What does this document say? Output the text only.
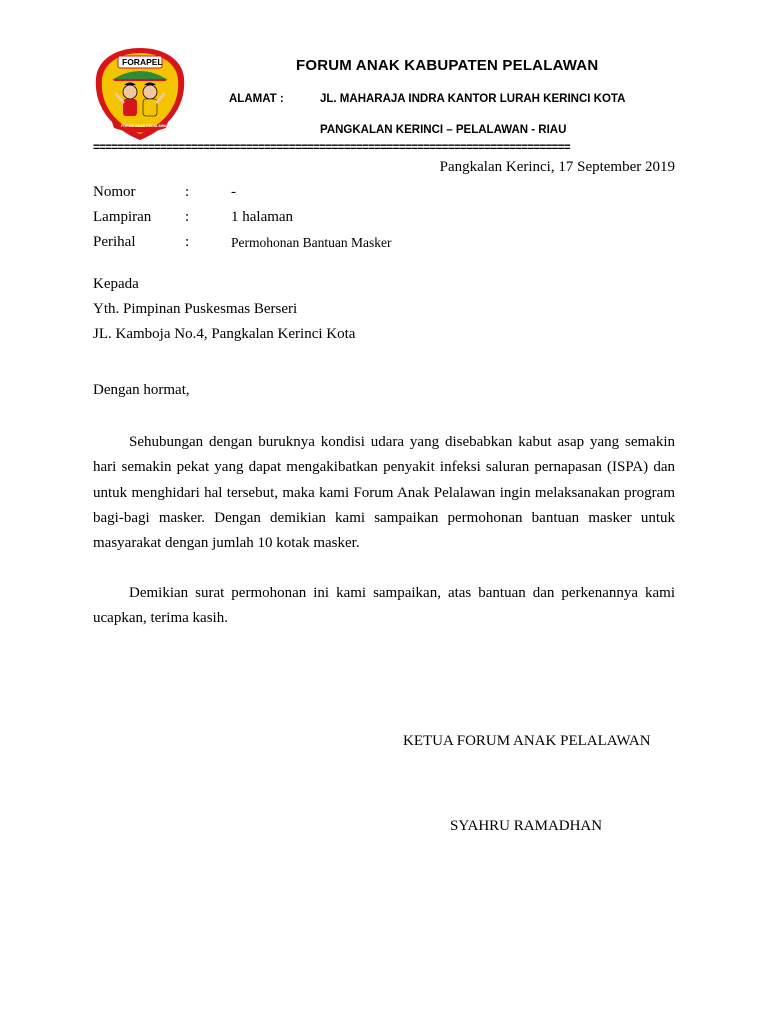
FORAPEL
FORUM ANAK PELALAWAN
FORUM ANAK KABUPATEN PELALAWAN
ALAMAT :	JL. MAHARAJA INDRA KANTOR LURAH KERINCI KOTA
PANGKALAN KERINCI – PELALAWAN - RIAU
==============================================================================
Pangkalan Kerinci, 17 September 2019
Nomor	:	-
Lampiran :	1 halaman
Perihal	:	Permohonan Bantuan Masker
Kepada
Yth. Pimpinan Puskesmas Berseri
JL. Kamboja No.4, Pangkalan Kerinci Kota
Dengan hormat,
Sehubungan dengan buruknya kondisi udara yang disebabkan kabut asap yang semakin hari semakin pekat yang dapat mengakibatkan penyakit infeksi saluran pernapasan (ISPA) dan untuk menghidari hal tersebut, maka kami Forum Anak Pelalawan ingin melaksanakan program bagi-bagi masker. Dengan demikian kami sampaikan permohonan bantuan masker untuk masyarakat dengan jumlah 10 kotak masker.
Demikian surat permohonan ini kami sampaikan, atas bantuan dan perkenannya kami ucapkan, terima kasih.
KETUA FORUM ANAK PELALAWAN
SYAHRU RAMADHAN
